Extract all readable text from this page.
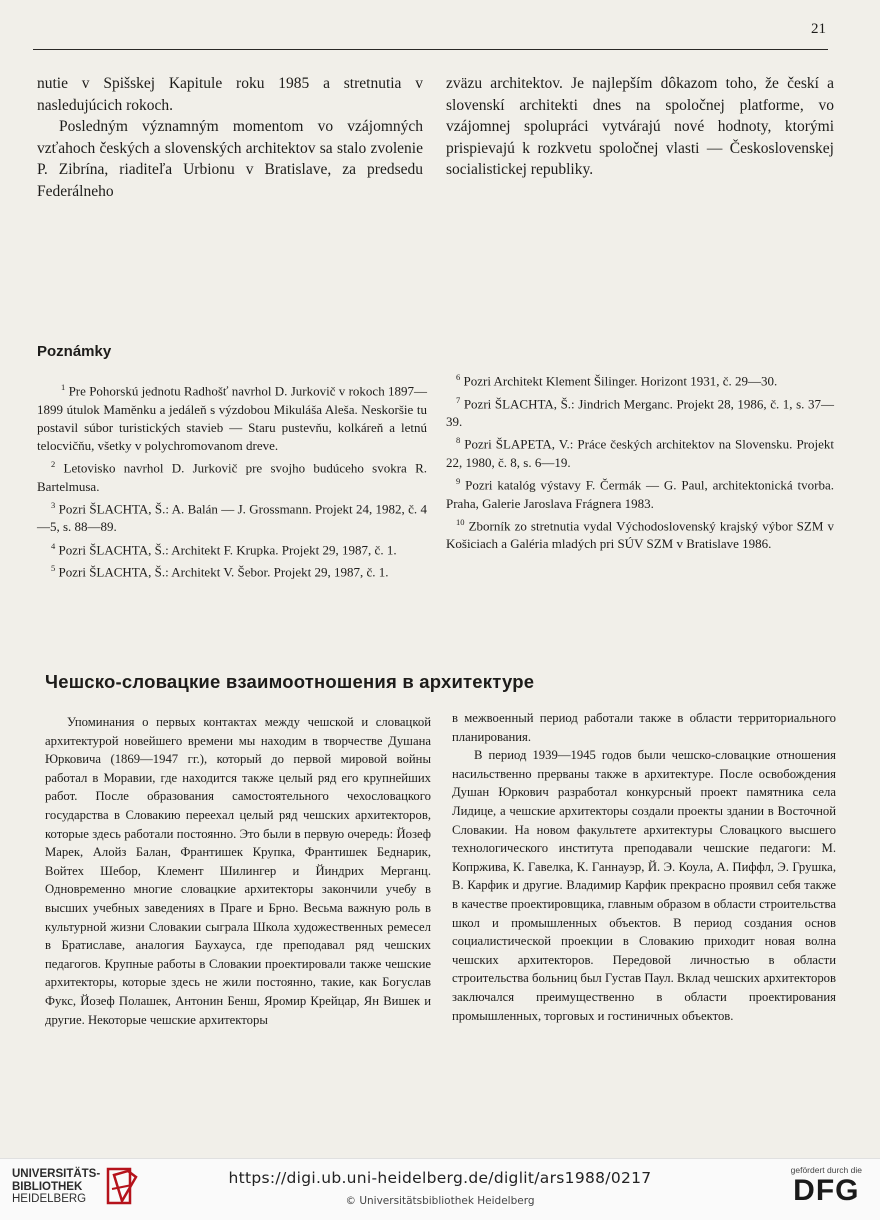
21

nutie v Spišskej Kapitule roku 1985 a stretnutia v nasledujúcich rokoch.

Posledným významným momentom vo vzájomných vzťahoch českých a slovenských architektov sa stalo zvolenie P. Zibrína, riaditeľa Urbionu v Bratislave, za predsedu Federálneho

zväzu architektov. Je najlepším dôkazom toho, že českí a slovenskí architekti dnes na spoločnej platforme, vo vzájomnej spolupráci vytvárajú nové hodnoty, ktorými prispievajú k rozkvetu spoločnej vlasti — Československej socialistickej republiky.

Poznámky

$^1$ Pre Pohorskú jednotu Radhošť navrhol D. Jurkovič v rokoch 1897—1899 útulok Maměnku a jedáleň s výzdobou Mikuláša Aleša. Neskoršie tu postavil súbor turistických stavieb — Staru pustevňu, kolkáreň a letnú telocvičňu, všetky v polychromovanom dreve.

$^2$ Letovisko navrhol D. Jurkovič pre svojho budúceho svokra R. Bartelmusa.

$^3$ Pozri ŠLACHTA, Š.: A. Balán — J. Grossmann. Projekt 24, 1982, č. 4—5, s. 88—89.

$^4$ Pozri ŠLACHTA, Š.: Architekt F. Krupka. Projekt 29, 1987, č. 1.

$^5$ Pozri ŠLACHTA, Š.: Architekt V. Šebor. Projekt 29, 1987, č. 1.

$^6$ Pozri Architekt Klement Šilinger. Horizont 1931, č. 29—30.

$^7$ Pozri ŠLACHTA, Š.: Jindrich Merganc. Projekt 28, 1986, č. 1, s. 37—39.

$^8$ Pozri ŠLAPETA, V.: Práce českých architektov na Slovensku. Projekt 22, 1980, č. 8, s. 6—19.

$^9$ Pozri katalóg výstavy F. Čermák — G. Paul, architektonická tvorba. Praha, Galerie Jaroslava Frágnera 1983.

$^{10}$ Zborník zo stretnutia vydal Východoslovenský krajský výbor SZM v Košiciach a Galéria mladých pri SÚV SZM v Bratislave 1986.

Чешско-словацкие взаимоотношения в архитектуре

Упоминания о первых контактах между чешской и словацкой архитектурой новейшего времени мы находим в творчестве Душана Юрковича (1869—1947 гг.), который до первой мировой войны работал в Моравии, где находится также целый ряд его крупнейших работ. После образования самостоятельного чехословацкого государства в Словакию переехал целый ряд чешских архитекторов, которые здесь работали постоянно. Это были в первую очередь: Йозеф Марек, Алойз Балан, Франтишек Крупка, Франтишек Беднарик, Войтех Шебор, Клемент Шилингер и Йиндрих Мерганц. Одновременно многие словацкие архитекторы закончили учебу в высших учебных заведениях в Праге и Брно. Весьма важную роль в культурной жизни Словакии сыграла Школа художественных ремесел в Братиславе, аналогия Баухауса, где преподавал ряд чешских педагогов. Крупные работы в Словакии проектировали также чешские архитекторы, которые здесь не жили постоянно, такие, как Богуслав Фукс, Йозеф Полашек, Антонин Бенш, Яромир Крейцар, Ян Вишек и другие. Некоторые чешские архитекторы

в межвоенный период работали также в области территориального планирования.

В период 1939—1945 годов были чешско-словацкие отношения насильственно прерваны также в архитектуре. После освобождения Душан Юркович разработал конкурсный проект памятника села Лидице, а чешские архитекторы создали проекты здании в Восточной Словакии. На новом факультете архитектуры Словацкого высшего технологического института преподавали чешские педагоги: М. Копржива, К. Гавелка, К. Ганнауэр, Й. Э. Коула, А. Пиффл, Э. Грушка, В. Карфик и другие. Владимир Карфик прекрасно проявил себя также в качестве проектировщика, главным образом в области строительства школ и промышленных объектов. В период создания основ социалистической проекции в Словакию приходит новая волна чешских архитекторов. Передовой личностью в области строительства больниц был Густав Паул. Вклад чешских архитекторов заключался преимущественно в области проектирования промышленных, торговых и гостиничных объектов.

UNIVERSITÄTS-
BIBLIOTHEK
HEIDELBERG
https://digi.ub.uni-heidelberg.de/diglit/ars1988/0217
© Universitätsbibliothek Heidelberg
gefördert durch die
DFG
